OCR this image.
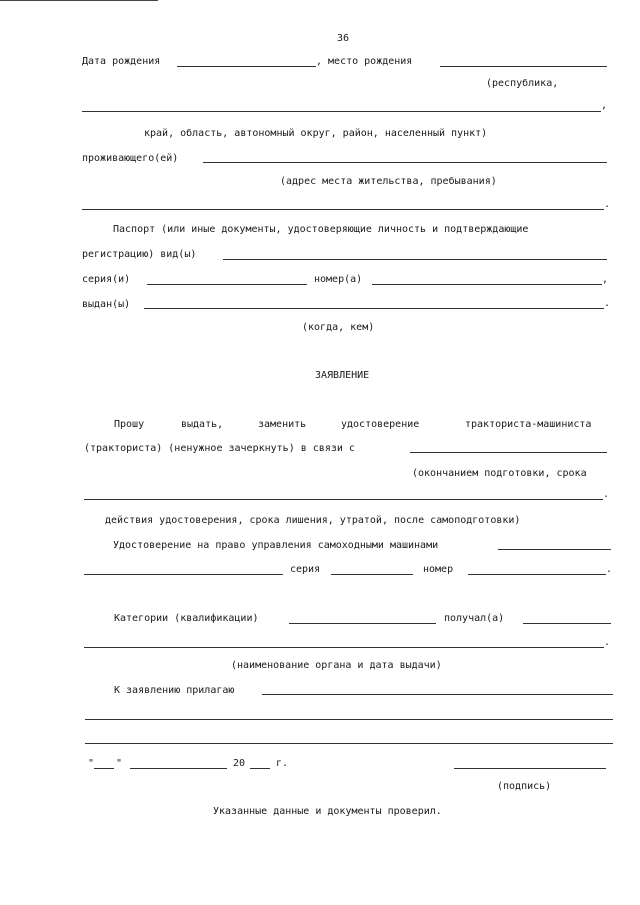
36
Дата рождения	, место рождения
(республика,
,
край, область, автономный округ, район, населенный пункт)
проживающего(ей)
(адрес места жительства, пребывания)
.
Паспорт (или иные документы, удостоверяющие личность и подтверждающие
регистрацию) вид(ы)
серия(и)	номер(а)	,
выдан(ы)	.
(когда, кем)
ЗАЯВЛЕНИЕ
Прошу	выдать,	заменить	удостоверение	тракториста-машиниста
(тракториста) (ненужное зачеркнуть) в связи с
(окончанием подготовки, срока
.
действия удостоверения, срока лишения, утратой, после самоподготовки)
Удостоверение на право управления самоходными машинами
серия	номер	.
Категории (квалификации)	получал(а)
.
(наименование органа и дата выдачи)
К заявлению прилагаю
" "	20	г.
(подпись)
Указанные данные и документы проверил.
